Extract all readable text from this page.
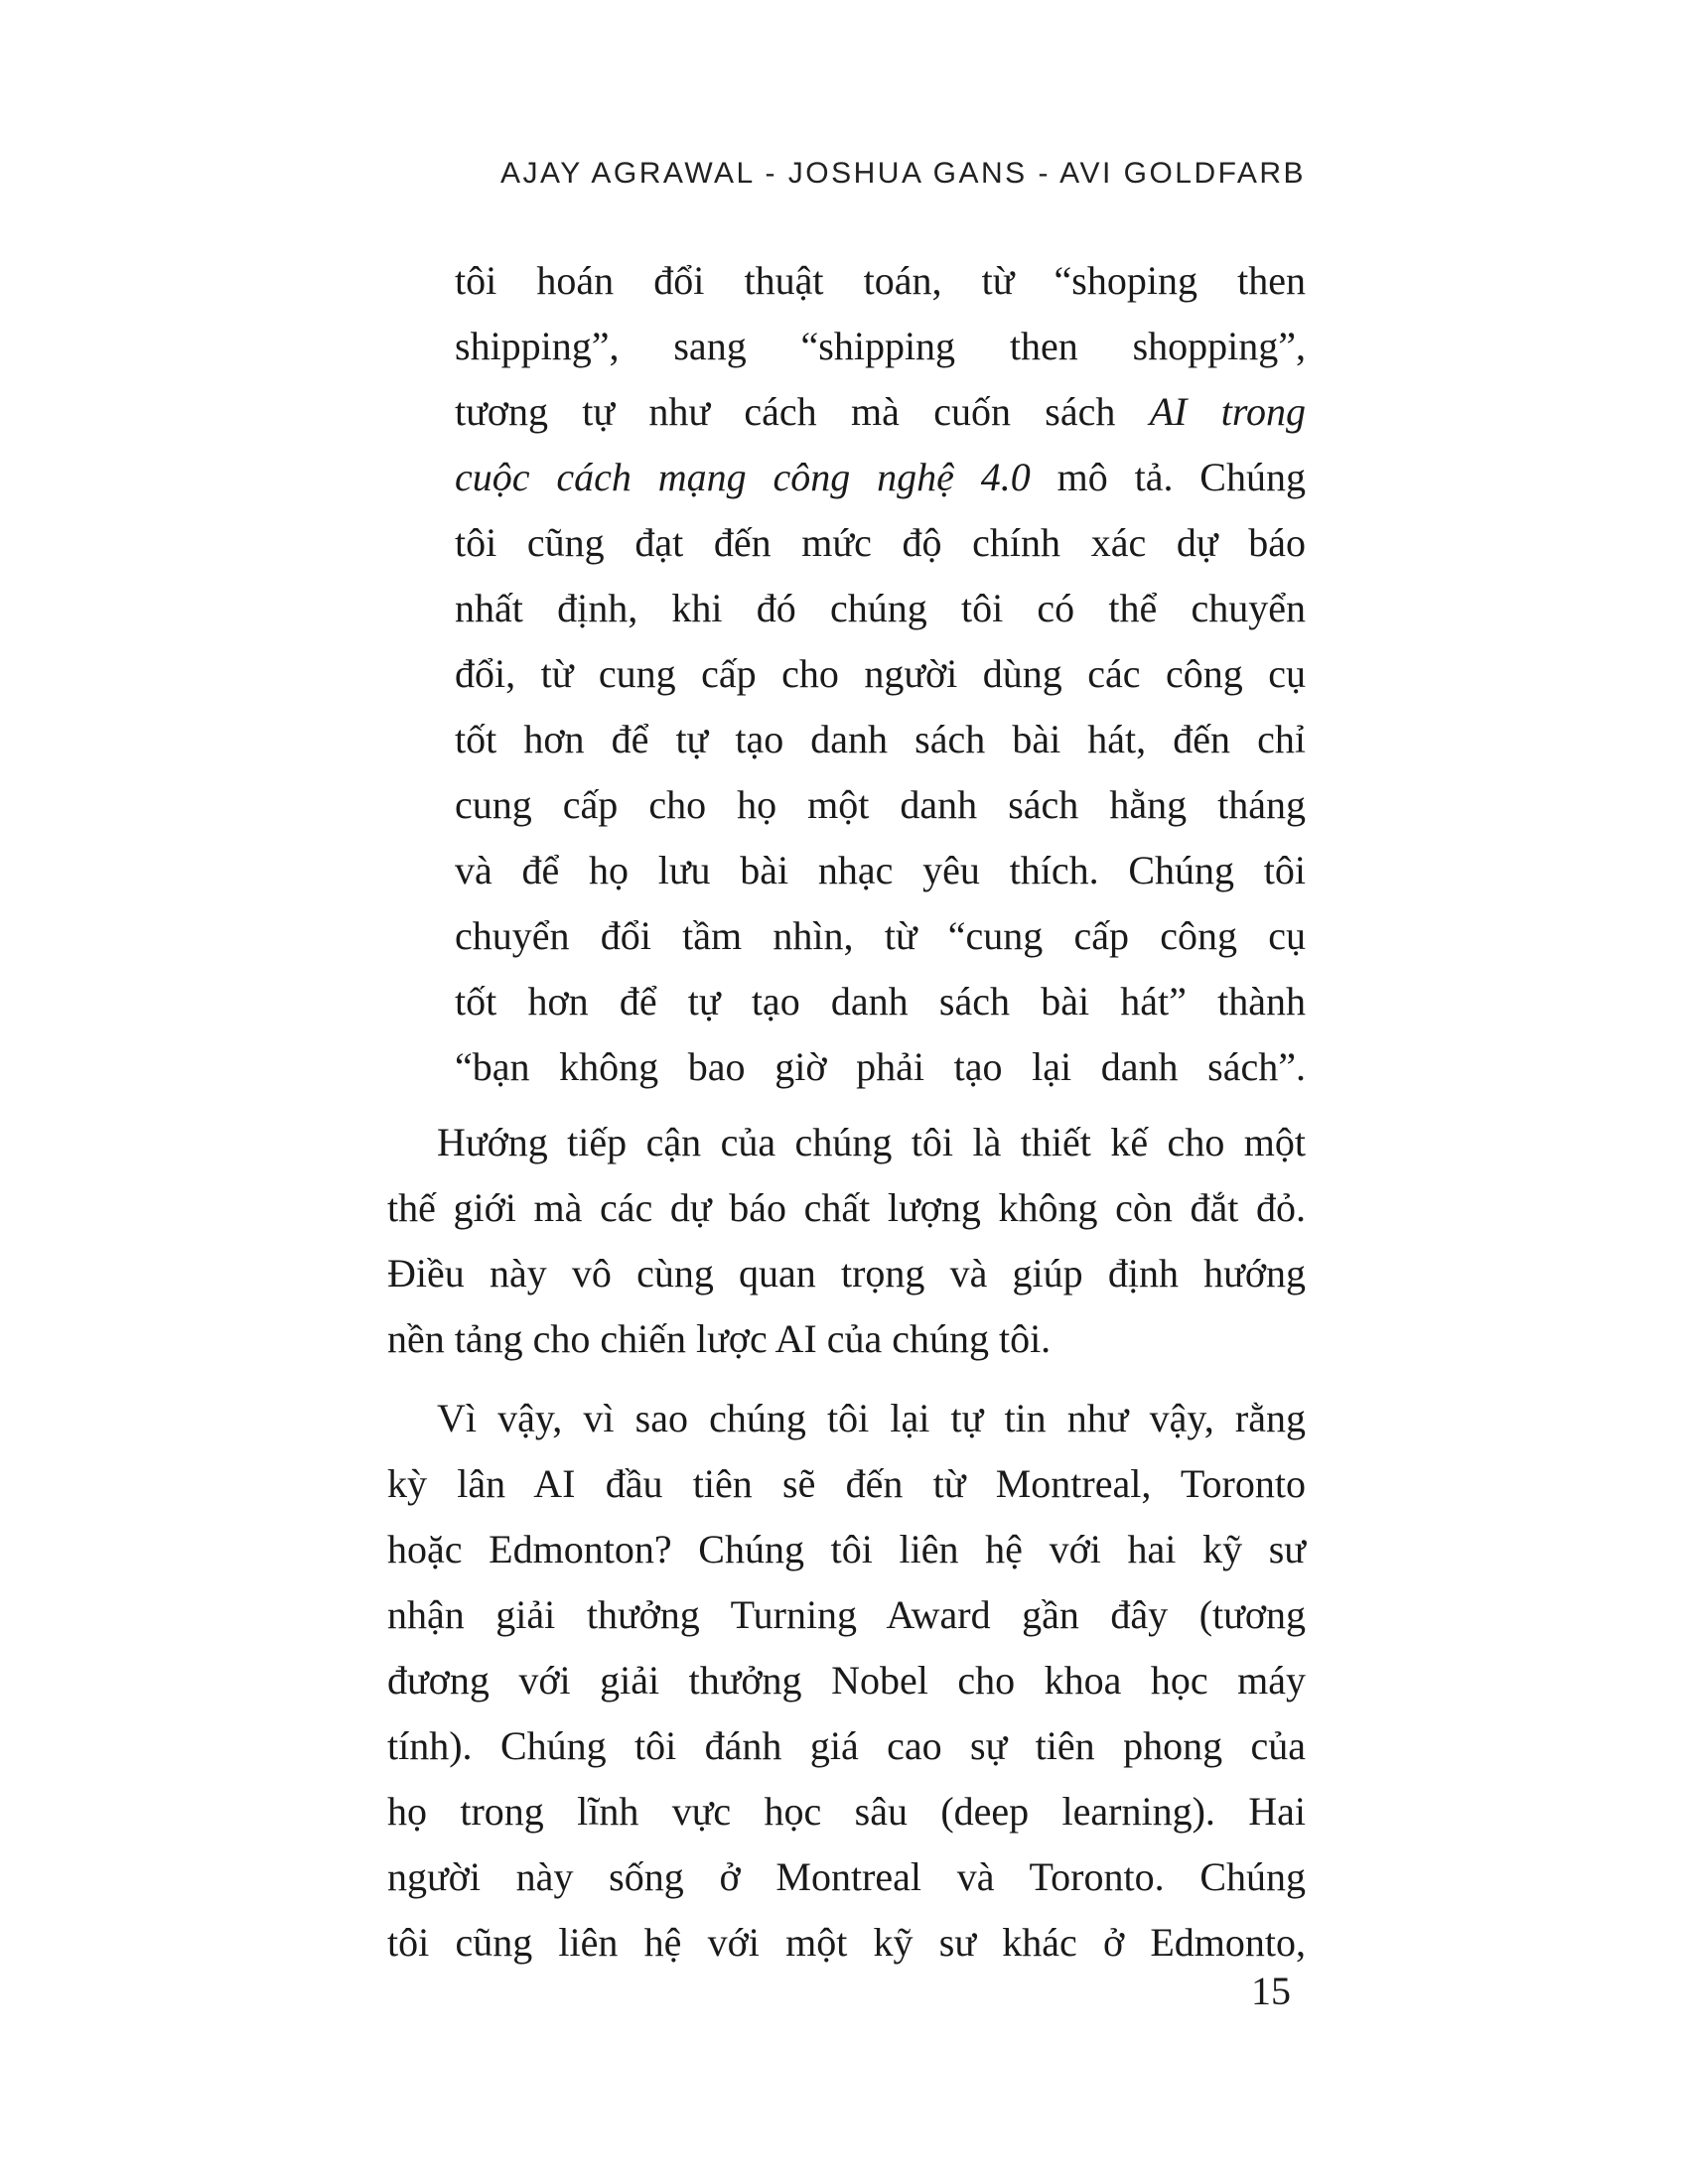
AJAY AGRAWAL - JOSHUA GANS - AVI GOLDFARB
tôi hoán đổi thuật toán, từ “shoping then
shipping”, sang “shipping then shopping”,
tương tự như cách mà cuốn sách AI trong
cuộc cách mạng công nghệ 4.0 mô tả. Chúng
tôi cũng đạt đến mức độ chính xác dự báo
nhất định, khi đó chúng tôi có thể chuyển
đổi, từ cung cấp cho người dùng các công cụ
tốt hơn để tự tạo danh sách bài hát, đến chỉ
cung cấp cho họ một danh sách hằng tháng
và để họ lưu bài nhạc yêu thích. Chúng tôi
chuyển đổi tầm nhìn, từ “cung cấp công cụ
tốt hơn để tự tạo danh sách bài hát” thành
“bạn không bao giờ phải tạo lại danh sách”.
Hướng tiếp cận của chúng tôi là thiết kế cho một
thế giới mà các dự báo chất lượng không còn đắt đỏ.
Điều này vô cùng quan trọng và giúp định hướng
nền tảng cho chiến lược AI của chúng tôi.
Vì vậy, vì sao chúng tôi lại tự tin như vậy, rằng
kỳ lân AI đầu tiên sẽ đến từ Montreal, Toronto
hoặc Edmonton? Chúng tôi liên hệ với hai kỹ sư
nhận giải thưởng Turning Award gần đây (tương
đương với giải thưởng Nobel cho khoa học máy
tính). Chúng tôi đánh giá cao sự tiên phong của
họ trong lĩnh vực học sâu (deep learning). Hai
người này sống ở Montreal và Toronto. Chúng
tôi cũng liên hệ với một kỹ sư khác ở Edmonto,
15
